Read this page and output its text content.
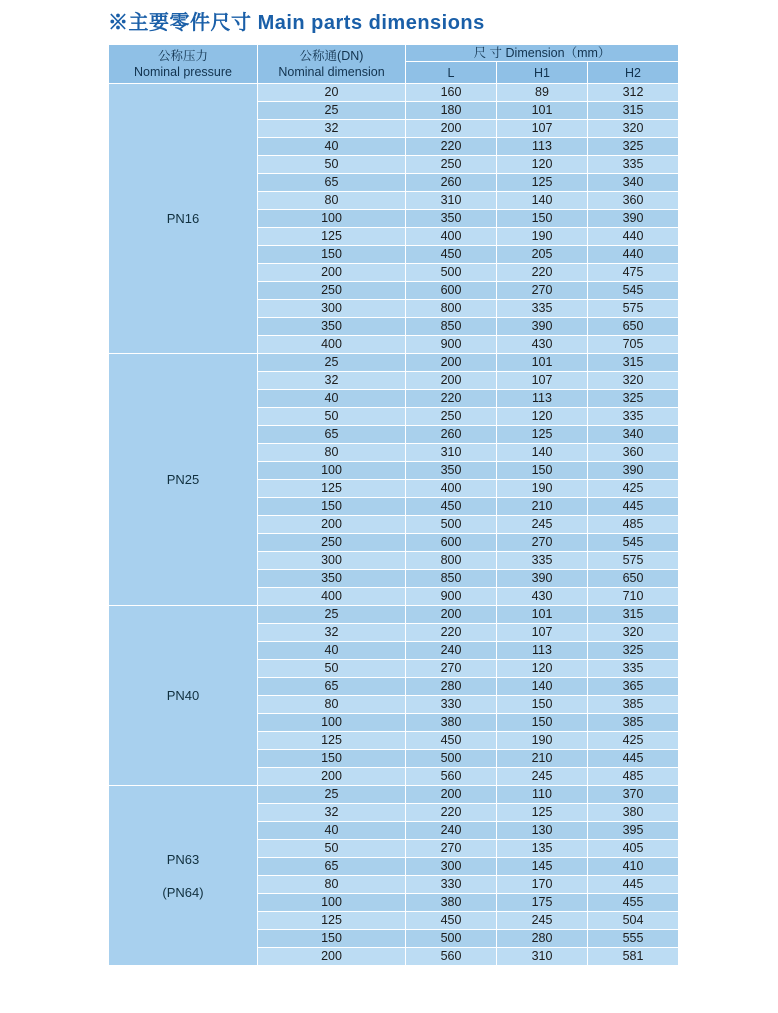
※主要零件尺寸 Main parts dimensions
公称压力
Nominal pressure

公称通(DN)
Nominal dimension
	尺 寸 Dimension（mm）
		L	H1	H2
PN16	20	160	89	312
	25	180	101	315
	32	200	107	320
	40	220	113	325
	50	250	120	335
	65	260	125	340
	80	310	140	360
	100	350	150	390
	125	400	190	440
	150	450	205	440
	200	500	220	475
	250	600	270	545
	300	800	335	575
	350	850	390	650
	400	900	430	705
PN25	25	200	101	315
	32	200	107	320
	40	220	113	325
	50	250	120	335
	65	260	125	340
	80	310	140	360
	100	350	150	390
	125	400	190	425
	150	450	210	445
	200	500	245	485
	250	600	270	545
	300	800	335	575
	350	850	390	650
	400	900	430	710
PN40	25	200	101	315
	32	220	107	320
	40	240	113	325
	50	270	120	335
	65	280	140	365
	80	330	150	385
	100	380	150	385
	125	450	190	425
	150	500	210	445
	200	560	245	485
PN63
(PN64)	25	200	110	370
	32	220	125	380
	40	240	130	395
	50	270	135	405
	65	300	145	410
	80	330	170	445
	100	380	175	455
	125	450	245	504
	150	500	280	555
	200	560	310	581
